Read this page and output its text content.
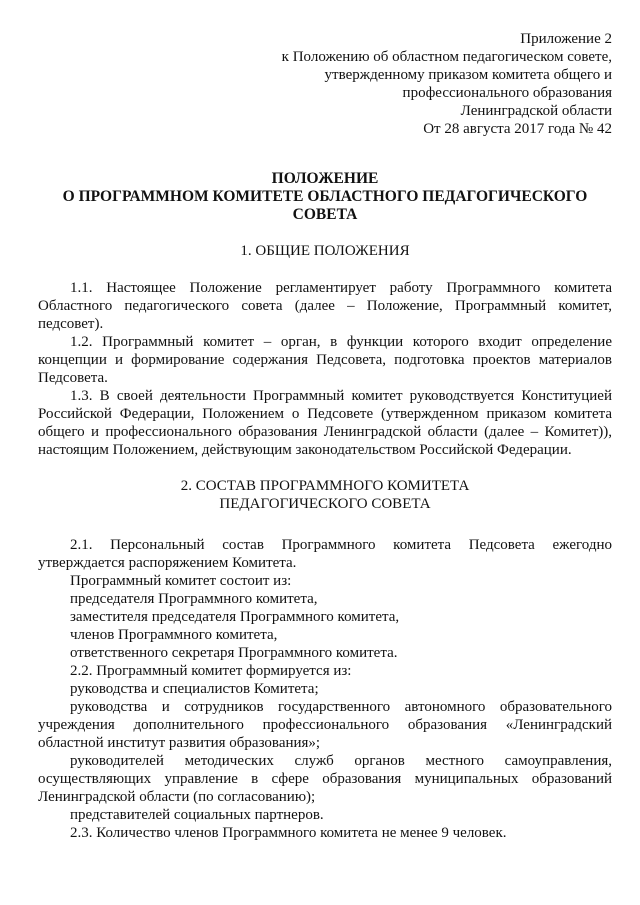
Приложение 2
к Положению об областном педагогическом совете,
утвержденному приказом комитета общего и
профессионального образования
Ленинградской области
От 28 августа 2017 года № 42
ПОЛОЖЕНИЕ
О ПРОГРАММНОМ КОМИТЕТЕ ОБЛАСТНОГО ПЕДАГОГИЧЕСКОГО
СОВЕТА
1. ОБЩИЕ ПОЛОЖЕНИЯ

1.1. Настоящее Положение регламентирует работу Программного комитета Областного педагогического совета (далее – Положение, Программный комитет, педсовет).

1.2. Программный комитет – орган, в функции которого входит определение концепции и формирование содержания Педсовета, подготовка проектов материалов Педсовета.

1.3. В своей деятельности Программный комитет руководствуется Конституцией Российской Федерации, Положением о Педсовете (утвержденном приказом комитета общего и профессионального образования Ленинградской области (далее – Комитет)), настоящим Положением, действующим законодательством Российской Федерации.

2. СОСТАВ ПРОГРАММНОГО КОМИТЕТА
ПЕДАГОГИЧЕСКОГО СОВЕТА
2.1. Персональный состав Программного комитета Педсовета ежегодно утверждается распоряжением Комитета.
Программный комитет состоит из:
председателя Программного комитета,
заместителя председателя Программного комитета,
членов Программного комитета,
ответственного секретаря Программного комитета.
2.2. Программный комитет формируется из:
руководства и специалистов Комитета;
руководства и сотрудников государственного автономного образовательного учреждения дополнительного профессионального образования «Ленинградский областной институт развития образования»;
руководителей методических служб органов местного самоуправления, осуществляющих управление в сфере образования муниципальных образований Ленинградской области (по согласованию);
представителей социальных партнеров.
2.3. Количество членов Программного комитета не менее 9 человек.
